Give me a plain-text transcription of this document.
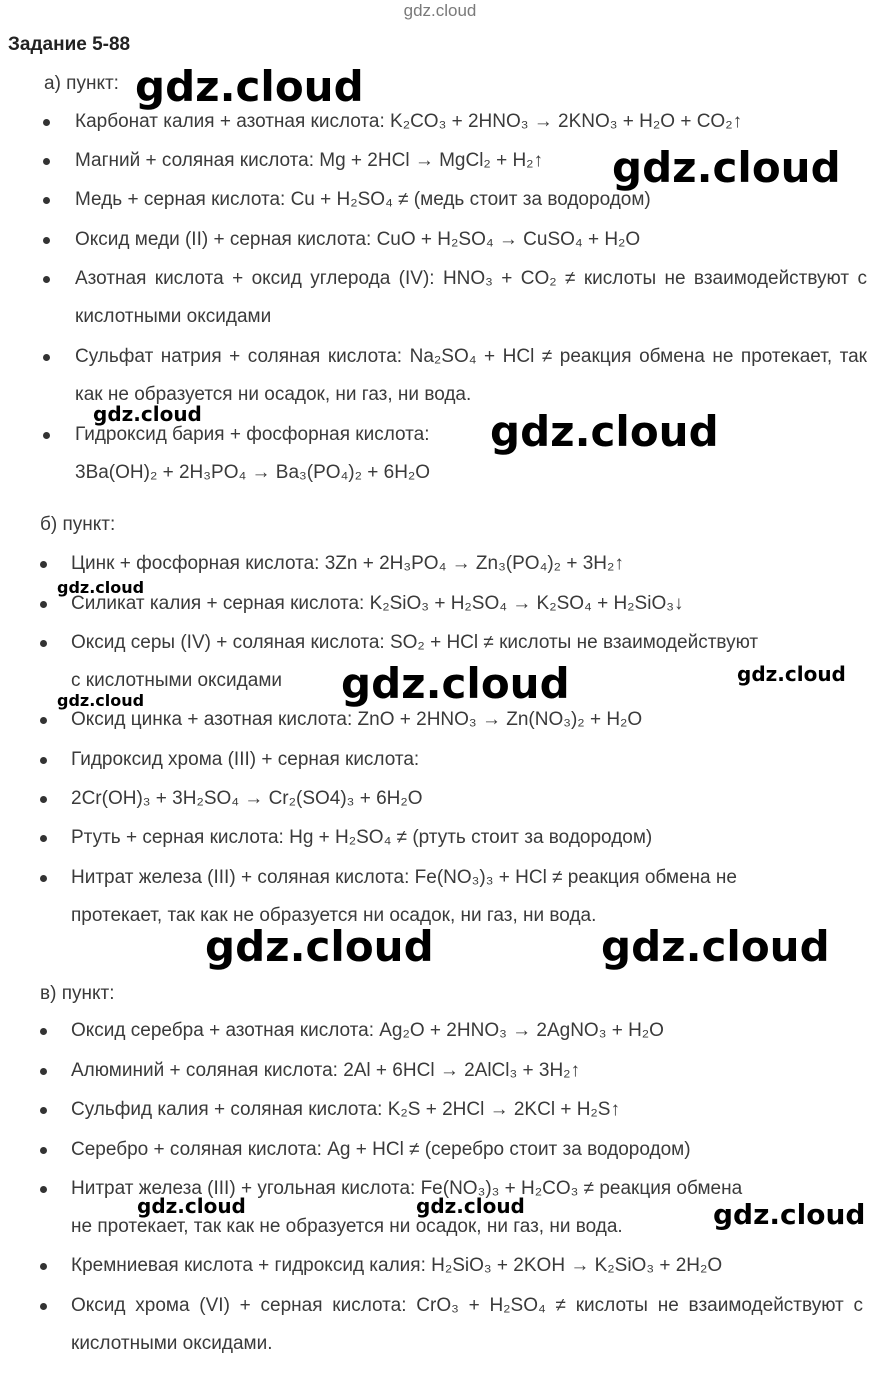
gdz.cloud
Задание 5-88
а) пункт:
Карбонат калия + азотная кислота: K₂CO₃ + 2HNO₃ → 2KNO₃ + H₂O + CO₂↑
Магний + соляная кислота: Mg + 2HCl → MgCl₂ + H₂↑
Медь + серная кислота: Cu + H₂SO₄ ≠ (медь стоит за водородом)
Оксид меди (II) + серная кислота: CuO + H₂SO₄ → CuSO₄ + H₂O
Азотная кислота + оксид углерода (IV): HNO₃ + CO₂ ≠ кислоты не взаимодействуют с кислотными оксидами
Сульфат натрия + соляная кислота: Na₂SO₄ + HCl ≠ реакция обмена не протекает, так как не образуется ни осадок, ни газ, ни вода.
Гидроксид бария + фосфорная кислота:
3Ba(OH)₂ + 2H₃PO₄ → Ba₃(PO₄)₂ + 6H₂O
б) пункт:
Цинк + фосфорная кислота: 3Zn + 2H₃PO₄ → Zn₃(PO₄)₂ + 3H₂↑
Силикат калия + серная кислота: K₂SiO₃ + H₂SO₄ → K₂SO₄ + H₂SiO₃↓
Оксид серы (IV) + соляная кислота: SO₂ + HCl ≠ кислоты не взаимодействуют
с кислотными оксидами
Оксид цинка + азотная кислота: ZnO + 2HNO₃ → Zn(NO₃)₂ + H₂O
Гидроксид хрома (III) + серная кислота:
2Cr(OH)₃ + 3H₂SO₄ → Cr₂(SO4)₃ + 6H₂O
Ртуть + серная кислота: Hg + H₂SO₄ ≠ (ртуть стоит за водородом)
Нитрат железа (III) + соляная кислота: Fe(NO₃)₃ + HCl ≠ реакция обмена не
протекает, так как не образуется ни осадок, ни газ, ни вода.
в) пункт:
Оксид серебра + азотная кислота: Ag₂O + 2HNO₃ → 2AgNO₃ + H₂O
Алюминий + соляная кислота: 2Al + 6HCl → 2AlCl₃ + 3H₂↑
Сульфид калия + соляная кислота: K₂S + 2HCl → 2KCl + H₂S↑
Серебро + соляная кислота: Ag + HCl ≠ (серебро стоит за водородом)
Нитрат железа (III) + угольная кислота: Fe(NO₃)₃ + H₂CO₃ ≠ реакция обмена
не протекает, так как не образуется ни осадок, ни газ, ни вода.
Кремниевая кислота + гидроксид калия: H₂SiO₃ + 2KOH → K₂SiO₃ + 2H₂O
Оксид хрома (VI) + серная кислота: CrO₃ + H₂SO₄ ≠ кислоты не взаимодействуют с кислотными оксидами.
gdz.cloud
gdz.cloud
gdz.cloud	gdz.cloud
gdz.cloud
gdz.cloud
gdz.cloud
gdz.cloud
gdz.cloud	gdz.cloud
gdz.cloud	gdz.cloud	gdz.cloud
